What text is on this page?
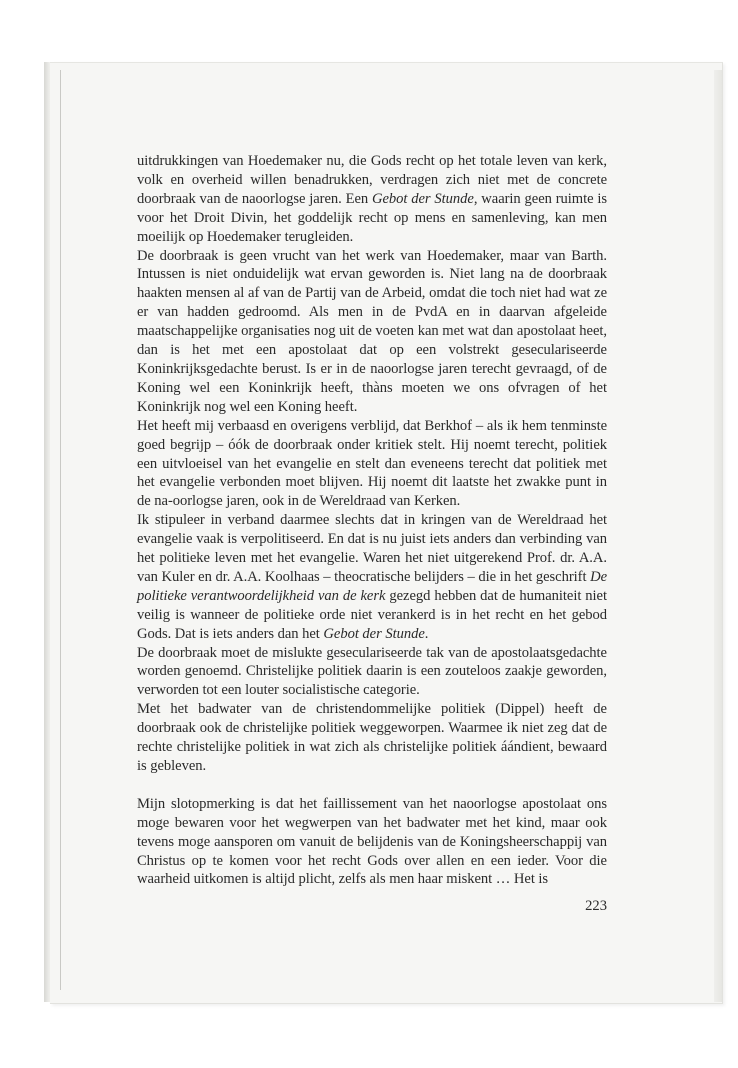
uitdrukkingen van Hoedemaker nu, die Gods recht op het totale leven van kerk, volk en overheid willen benadrukken, verdragen zich niet met de concrete doorbraak van de naoorlogse jaren. Een Gebot der Stunde, waarin geen ruimte is voor het Droit Divin, het goddelijk recht op mens en samenleving, kan men moeilijk op Hoedemaker terugleiden.

De doorbraak is geen vrucht van het werk van Hoedemaker, maar van Barth. Intussen is niet onduidelijk wat ervan geworden is. Niet lang na de doorbraak haakten mensen al af van de Partij van de Arbeid, omdat die toch niet had wat ze er van hadden gedroomd. Als men in de PvdA en in daarvan afgeleide maatschappelijke organisaties nog uit de voeten kan met wat dan apostolaat heet, dan is het met een apostolaat dat op een volstrekt geseculariseerde Koninkrijksgedachte berust. Is er in de naoorlogse jaren terecht gevraagd, of de Koning wel een Koninkrijk heeft, thàns moeten we ons ofvragen of het Koninkrijk nog wel een Koning heeft.

Het heeft mij verbaasd en overigens verblijd, dat Berkhof – als ik hem tenminste goed begrijp – óók de doorbraak onder kritiek stelt. Hij noemt terecht, politiek een uitvloeisel van het evangelie en stelt dan eveneens terecht dat politiek met het evangelie verbonden moet blijven. Hij noemt dit laatste het zwakke punt in de na-oorlogse jaren, ook in de Wereldraad van Kerken.

Ik stipuleer in verband daarmee slechts dat in kringen van de Wereldraad het evangelie vaak is verpolitiseerd. En dat is nu juist iets anders dan verbinding van het politieke leven met het evangelie. Waren het niet uitgerekend Prof. dr. A.A. van Kuler en dr. A.A. Koolhaas – theocratische belijders – die in het geschrift De politieke verantwoordelijkheid van de kerk gezegd hebben dat de humaniteit niet veilig is wanneer de politieke orde niet verankerd is in het recht en het gebod Gods. Dat is iets anders dan het Gebot der Stunde.

De doorbraak moet de mislukte geseculariseerde tak van de apostolaatsgedachte worden genoemd. Christelijke politiek daarin is een zouteloos zaakje geworden, verworden tot een louter socialistische categorie.

Met het badwater van de christendommelijke politiek (Dippel) heeft de doorbraak ook de christelijke politiek weggeworpen. Waarmee ik niet zeg dat de rechte christelijke politiek in wat zich als christelijke politiek áándient, bewaard is gebleven.

Mijn slotopmerking is dat het faillissement van het naoorlogse apostolaat ons moge bewaren voor het wegwerpen van het badwater met het kind, maar ook tevens moge aansporen om vanuit de belijdenis van de Koningsheerschappij van Christus op te komen voor het recht Gods over allen en een ieder. Voor die waarheid uitkomen is altijd plicht, zelfs als men haar miskent … Het is

223
